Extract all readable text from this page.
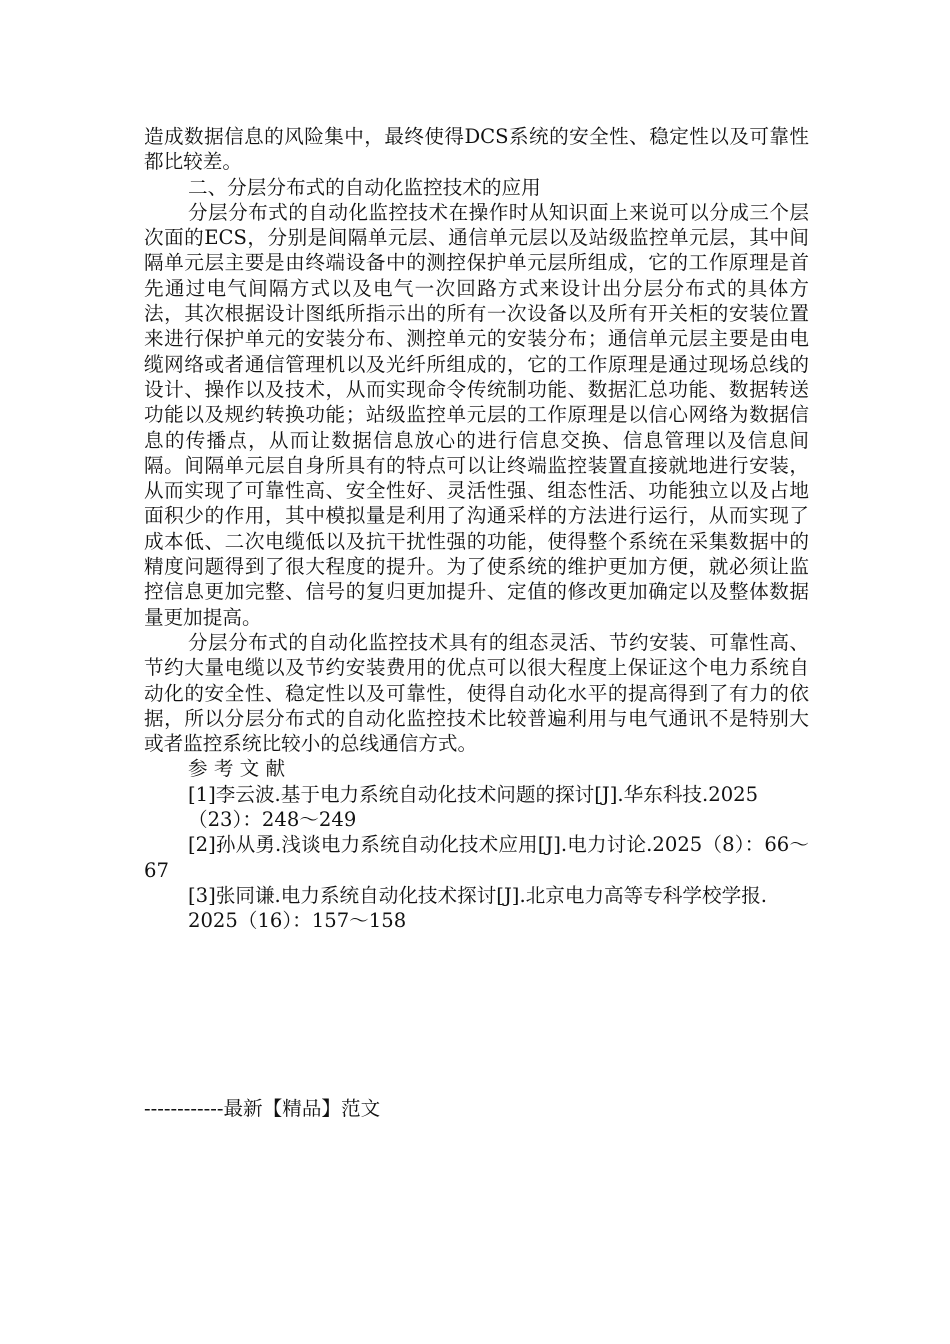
造成数据信息的风险集中，最终使得DCS系统的安全性、稳定性以及可靠性都比较差。

二、分层分布式的自动化监控技术的应用

分层分布式的自动化监控技术在操作时从知识面上来说可以分成三个层次面的ECS，分别是间隔单元层、通信单元层以及站级监控单元层，其中间隔单元层主要是由终端设备中的测控保护单元层所组成，它的工作原理是首先通过电气间隔方式以及电气一次回路方式来设计出分层分布式的具体方法，其次根据设计图纸所指示出的所有一次设备以及所有开关柜的安装位置来进行保护单元的安装分布、测控单元的安装分布；通信单元层主要是由电缆网络或者通信管理机以及光纤所组成的，它的工作原理是通过现场总线的设计、操作以及技术，从而实现命令传统制功能、数据汇总功能、数据转送功能以及规约转换功能；站级监控单元层的工作原理是以信心网络为数据信息的传播点，从而让数据信息放心的进行信息交换、信息管理以及信息间隔。间隔单元层自身所具有的特点可以让终端监控装置直接就地进行安装，从而实现了可靠性高、安全性好、灵活性强、组态性活、功能独立以及占地面积少的作用，其中模拟量是利用了沟通采样的方法进行运行，从而实现了成本低、二次电缆低以及抗干扰性强的功能，使得整个系统在采集数据中的精度问题得到了很大程度的提升。为了使系统的维护更加方便，就必须让监控信息更加完整、信号的复归更加提升、定值的修改更加确定以及整体数据量更加提高。

分层分布式的自动化监控技术具有的组态灵活、节约安装、可靠性高、节约大量电缆以及节约安装费用的优点可以很大程度上保证这个电力系统自动化的安全性、稳定性以及可靠性，使得自动化水平的提高得到了有力的依据，所以分层分布式的自动化监控技术比较普遍利用与电气通讯不是特别大或者监控系统比较小的总线通信方式。

参 考 文 献

[1]李云波.基于电力系统自动化技术问题的探讨[J].华东科技.2025

（23）：248～249

[2]孙从勇.浅谈电力系统自动化技术应用[J].电力讨论.2025（8）：66～67

[3]张同谦.电力系统自动化技术探讨[J].北京电力高等专科学校学报.

2025（16）：157～158

------------最新【精品】范文
